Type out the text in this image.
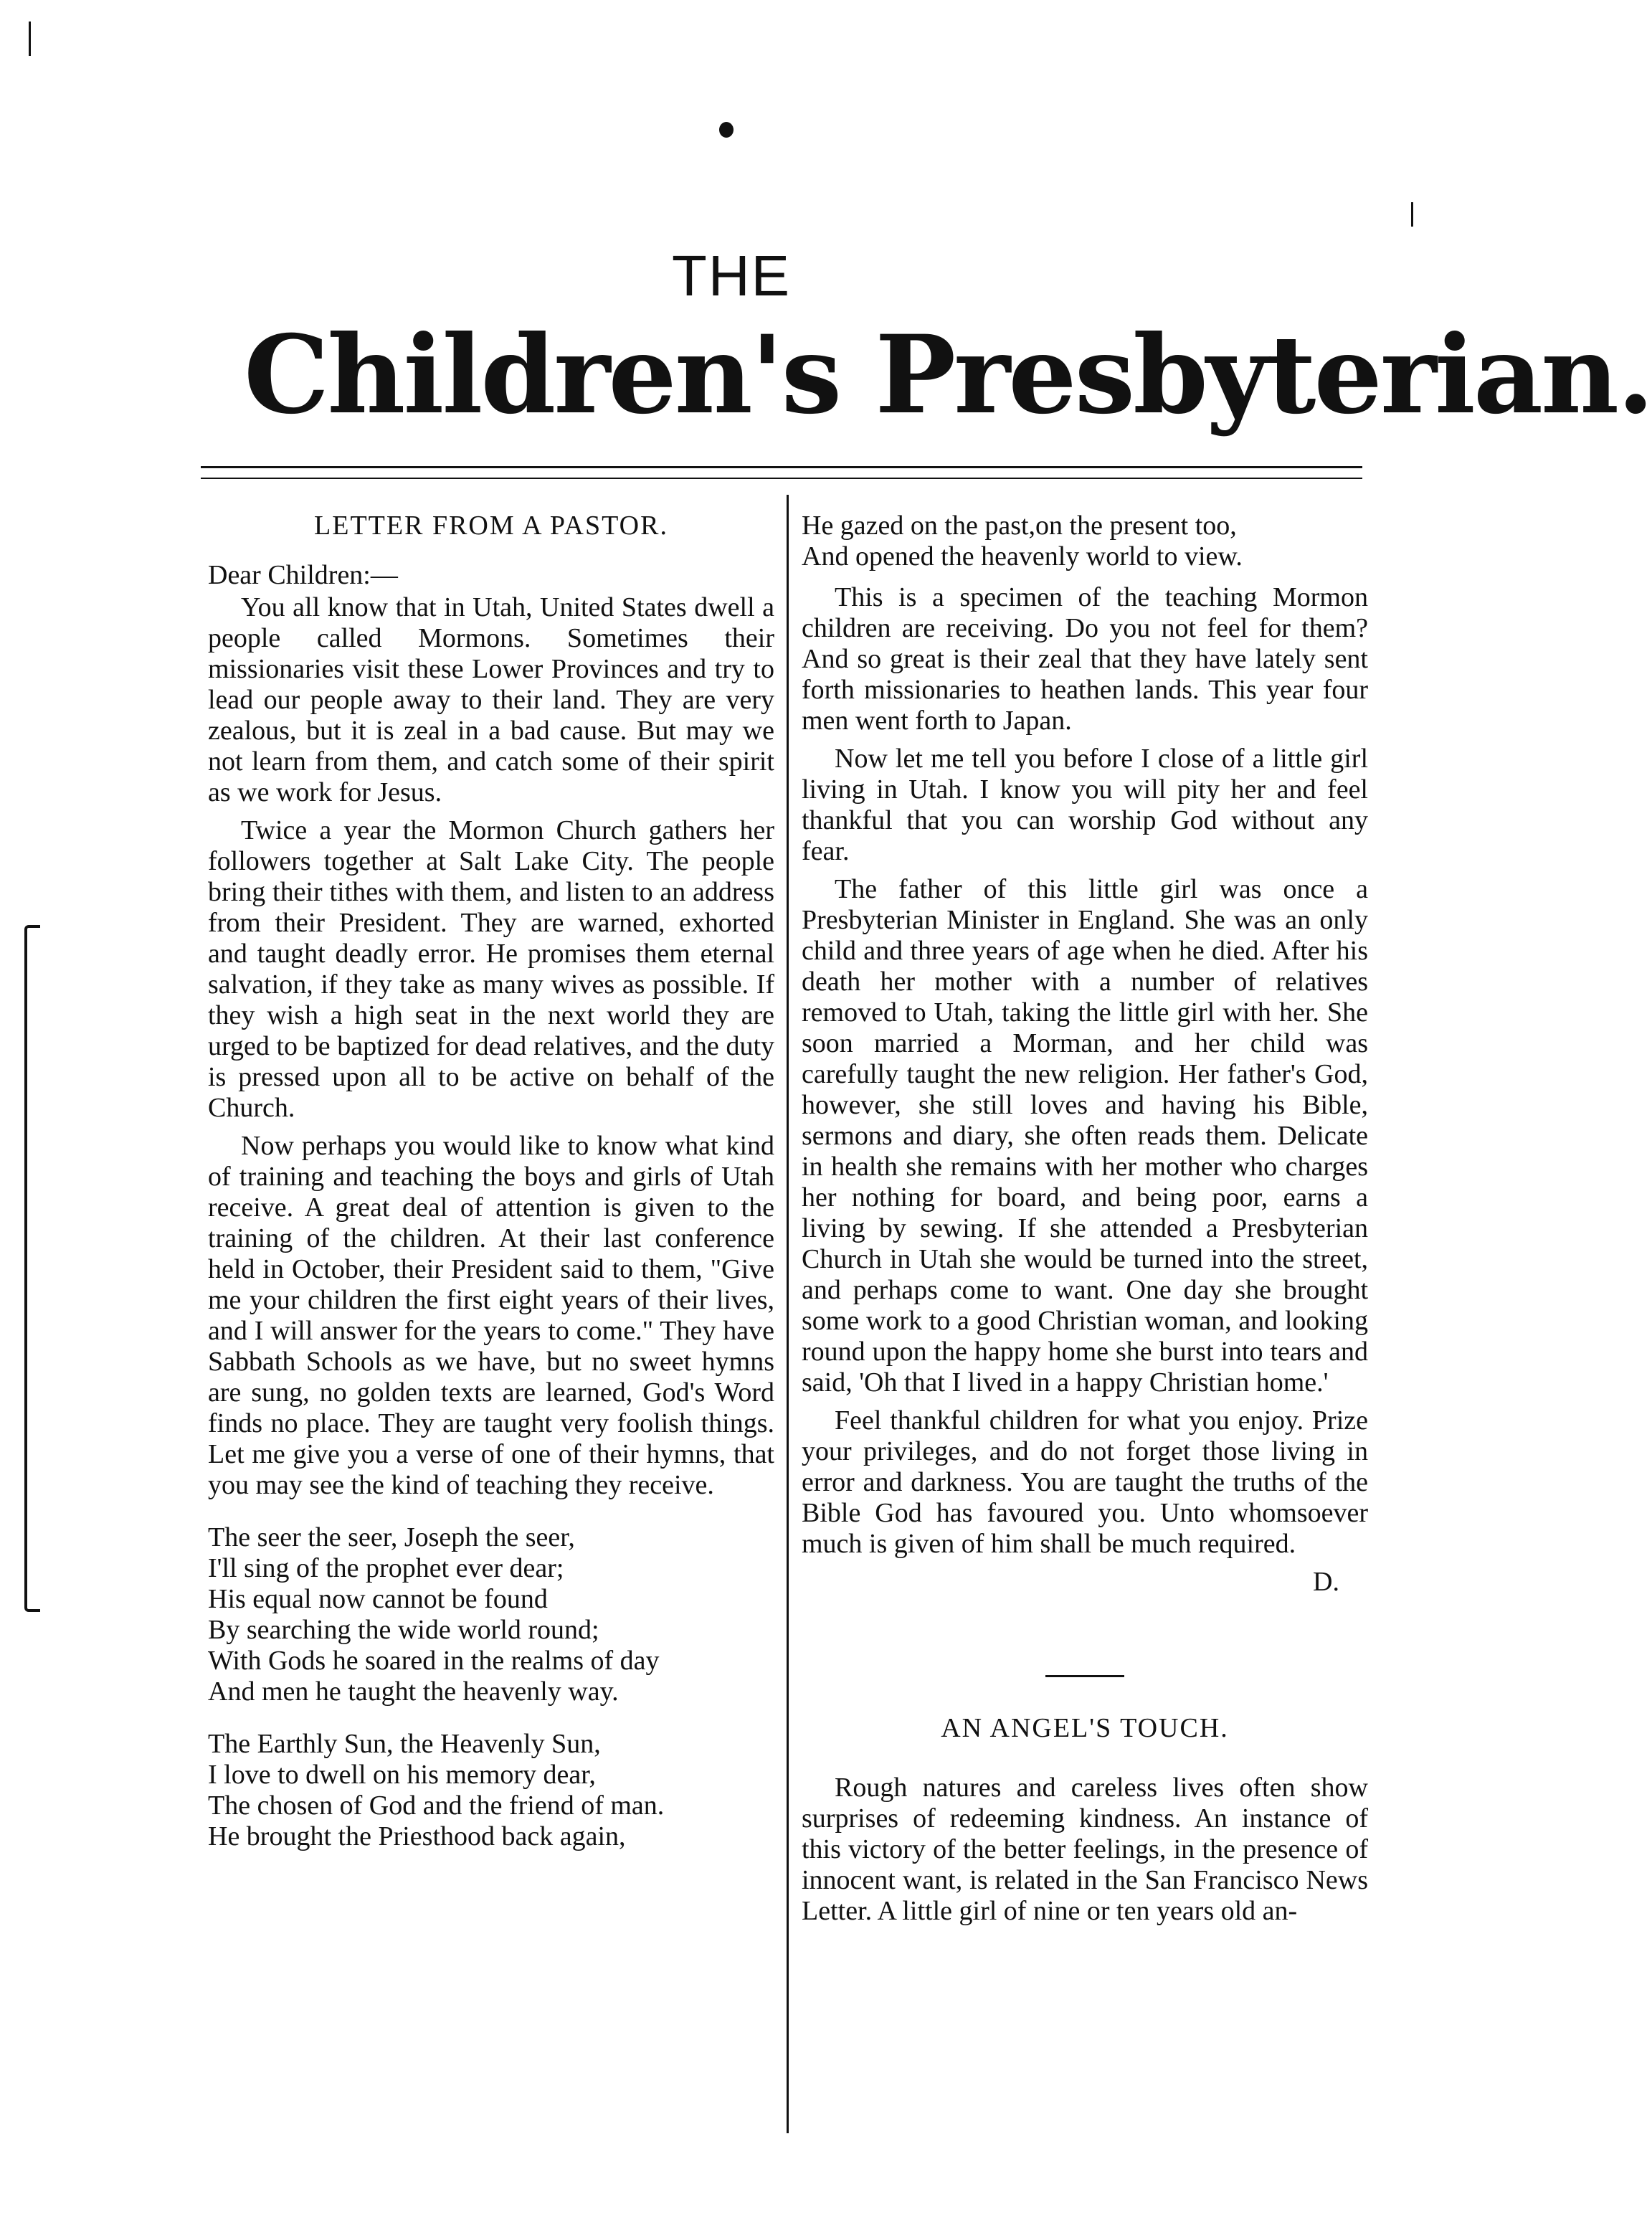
THE
Children's Presbyterian.
LETTER FROM A PASTOR.
Dear Children:—

You all know that in Utah, United States dwell a people called Mormons. Sometimes their missionaries visit these Lower Provinces and try to lead our people away to their land. They are very zealous, but it is zeal in a bad cause. But may we not learn from them, and catch some of their spirit as we work for Jesus.

Twice a year the Mormon Church gathers her followers together at Salt Lake City. The people bring their tithes with them, and listen to an address from their President. They are warned, exhorted and taught deadly error. He promises them eternal salvation, if they take as many wives as possible. If they wish a high seat in the next world they are urged to be baptized for dead relatives, and the duty is pressed upon all to be active on behalf of the Church.

Now perhaps you would like to know what kind of training and teaching the boys and girls of Utah receive. A great deal of attention is given to the training of the children. At their last conference held in October, their President said to them, "Give me your children the first eight years of their lives, and I will answer for the years to come." They have Sabbath Schools as we have, but no sweet hymns are sung, no golden texts are learned, God's Word finds no place. They are taught very foolish things. Let me give you a verse of one of their hymns, that you may see the kind of teaching they receive.

The seer the seer, Joseph the seer,
I'll sing of the prophet ever dear;
His equal now cannot be found
By searching the wide world round;
With Gods he soared in the realms of day
And men he taught the heavenly way.
The Earthly Sun, the Heavenly Sun,
I love to dwell on his memory dear,
The chosen of God and the friend of man.
He brought the Priesthood back again,
He gazed on the past,on the present too,
And opened the heavenly world to view.

This is a specimen of the teaching Mormon children are receiving. Do you not feel for them? And so great is their zeal that they have lately sent forth missionaries to heathen lands. This year four men went forth to Japan.

Now let me tell you before I close of a little girl living in Utah. I know you will pity her and feel thankful that you can worship God without any fear.

The father of this little girl was once a Presbyterian Minister in England. She was an only child and three years of age when he died. After his death her mother with a number of relatives removed to Utah, taking the little girl with her. She soon married a Morman, and her child was carefully taught the new religion. Her father's God, however, she still loves and having his Bible, sermons and diary, she often reads them. Delicate in health she remains with her mother who charges her nothing for board, and being poor, earns a living by sewing. If she attended a Presbyterian Church in Utah she would be turned into the street, and perhaps come to want. One day she brought some work to a good Christian woman, and looking round upon the happy home she burst into tears and said, 'Oh that I lived in a happy Christian home.'

Feel thankful children for what you enjoy. Prize your privileges, and do not forget those living in error and darkness. You are taught the truths of the Bible God has favoured you. Unto whomsoever much is given of him shall be much required.

D.
AN ANGEL'S TOUCH.

Rough natures and careless lives often show surprises of redeeming kindness. An instance of this victory of the better feelings, in the presence of innocent want, is related in the San Francisco News Letter. A little girl of nine or ten years old an-
